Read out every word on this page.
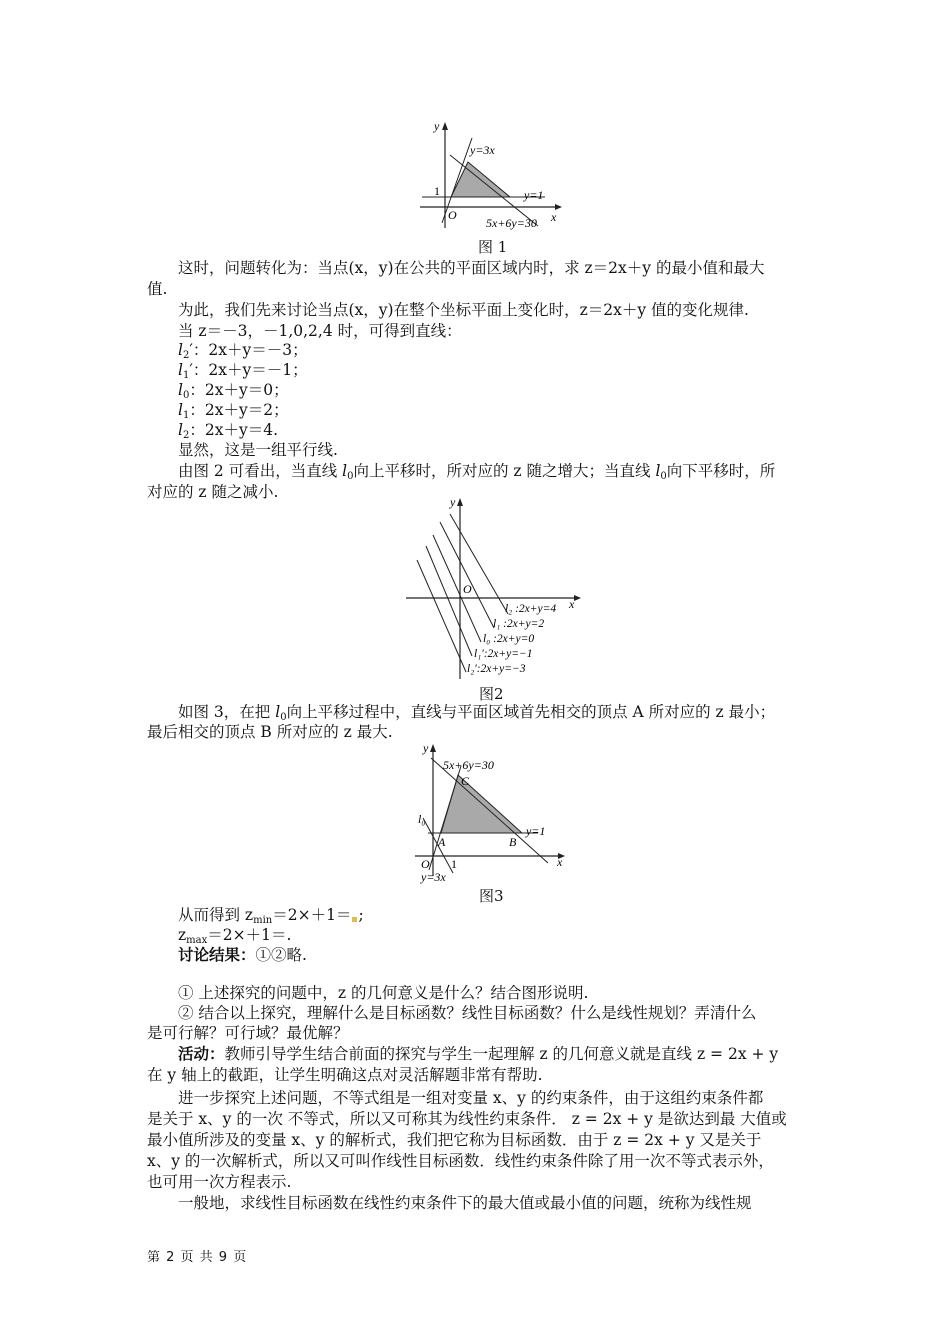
y=3x
y=1
5x+6y=30
1
O	x
y
图 1
这时，问题转化为：当点(x，y)在公共的平面区域内时，求 z＝2x＋y 的最小值和最大
值.
为此，我们先来讨论当点(x，y)在整个坐标平面上变化时，z＝2x＋y 值的变化规律.
当 z＝－3，－1,0,2,4 时，可得到直线：
$l_2'$：2x＋y＝－3；
$l_1'$：2x＋y＝－1；
$l_0$：2x＋y＝0；
$l_1$：2x＋y＝2；
$l_2$：2x＋y＝4.
显然，这是一组平行线.
由图 2 可看出，当直线 $l_0$向上平移时，所对应的 z 随之增大；当直线 $l_0$向下平移时，所
对应的 z 随之减小.
l₂ :2x+y=4
l₁ :2x+y=2
l₀ :2x+y=0
l₁′:2x+y=−1
l₂′:2x+y=−3
O
x
y
图2
如图 3，在把 $l_0$向上平移过程中，直线与平面区域首先相交的顶点 A 所对应的 z 最小；
最后相交的顶点 B 所对应的 z 最大.
5x+6y=30
C
l₀
A	B
y=1
O 1
y=3x
x
y
图3
从而得到 $z_{min}=2\times+1=$ ;
$z_{max}=2\times+1=$.
讨论结果：①②略.
① 上述探究的问题中，z 的几何意义是什么？结合图形说明.
② 结合以上探究，理解什么是目标函数？线性目标函数？什么是线性规划？弄清什么
是可行解？可行域？最优解？
活动：教师引导学生结合前面的探究与学生一起理解 z 的几何意义就是直线 z = 2x + y
在 y 轴上的截距，让学生明确这点对灵活解题非常有帮助.
进一步探究上述问题，不等式组是一组对变量 x、y 的约束条件，由于这组约束条件都
是关于 x、y 的一次 不等式，所以又可称其为线性约束条件． z = 2x + y 是欲达到最 大值或
最小值所涉及的变量 x、y 的解析式，我们把它称为目标函数．由于 z = 2x + y 又是关于
x、y 的一次解析式，所以又可叫作线性目标函数．线性约束条件除了用一次不等式表示外，
也可用一次方程表示.
一般地，求线性目标函数在线性约束条件下的最大值或最小值的问题，统称为线性规
第 2 页 共 9 页
